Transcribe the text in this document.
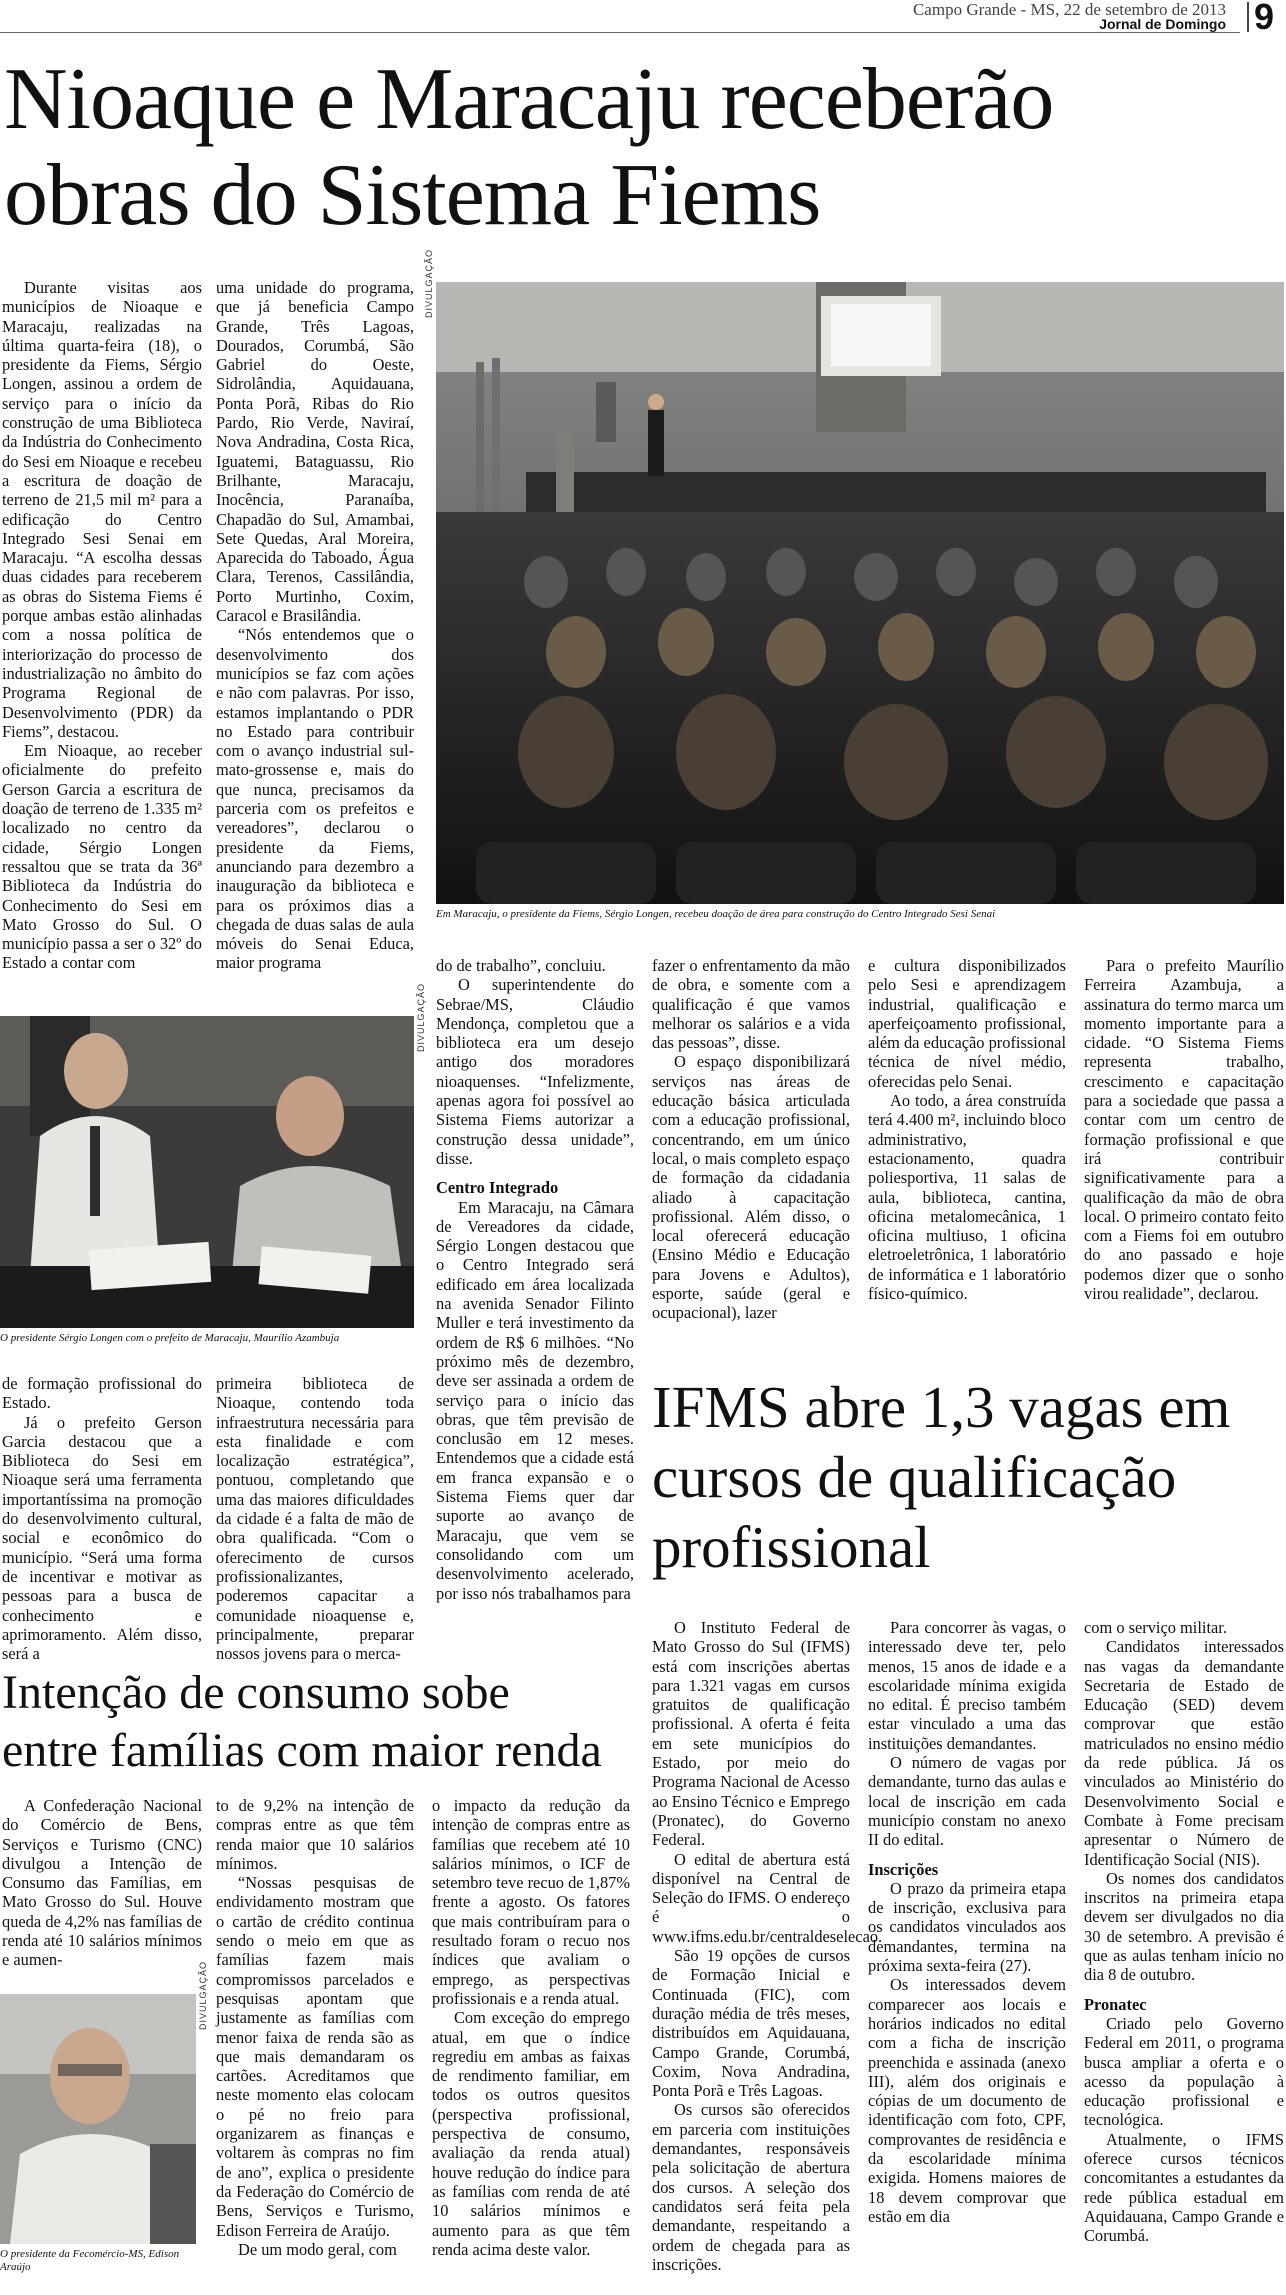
Campo Grande - MS, 22 de setembro de 2013
Jornal de Domingo 9
Nioaque e Maracaju receberão
obras do Sistema Fiems

Durante visitas aos municípios de Nioaque e Maracaju, realizadas na última quarta-feira (18), o presidente da Fiems, Sérgio Longen, assinou a ordem de serviço para o início da construção de uma Biblioteca da Indústria do Conhecimento do Sesi em Nioaque e recebeu a escritura de doação de terreno de 21,5 mil m² para a edificação do Centro Integrado Sesi Senai em Maracaju. “A escolha dessas duas cidades para receberem as obras do Sistema Fiems é porque ambas estão alinhadas com a nossa política de interiorização do processo de industrialização no âmbito do Programa Regional de Desenvolvimento (PDR) da Fiems”, destacou.

Em Nioaque, ao receber oficialmente do prefeito Gerson Garcia a escritura de doação de terreno de 1.335 m² localizado no centro da cidade, Sérgio Longen ressaltou que se trata da 36ª Biblioteca da Indústria do Conhecimento do Sesi em Mato Grosso do Sul. O município passa a ser o 32º do Estado a contar com

uma unidade do programa, que já beneficia Campo Grande, Três Lagoas, Dourados, Corumbá, São Gabriel do Oeste, Sidrolândia, Aquidauana, Ponta Porã, Ribas do Rio Pardo, Rio Verde, Naviraí, Nova Andradina, Costa Rica, Iguatemi, Bataguassu, Rio Brilhante, Maracaju, Inocência, Paranaíba, Chapadão do Sul, Amambai, Sete Quedas, Aral Moreira, Aparecida do Taboado, Água Clara, Terenos, Cassilândia, Porto Murtinho, Coxim, Caracol e Brasilândia.

“Nós entendemos que o desenvolvimento dos municípios se faz com ações e não com palavras. Por isso, estamos implantando o PDR no Estado para contribuir com o avanço industrial sul-mato-grossense e, mais do que nunca, precisamos da parceria com os prefeitos e vereadores”, declarou o presidente da Fiems, anunciando para dezembro a inauguração da biblioteca e para os próximos dias a chegada de duas salas de aula móveis do Senai Educa, maior programa

DIVULGAÇÃO
Em Maracaju, o presidente da Fiems, Sérgio Longen, recebeu doação de área para construção do Centro Integrado Sesi Senai
DIVULGAÇÃO
O presidente Sérgio Longen com o prefeito de Maracaju, Maurílio Azambuja

de formação profissional do Estado.

Já o prefeito Gerson Garcia destacou que a Biblioteca do Sesi em Nioaque será uma ferramenta importantíssima na promoção do desenvolvimento cultural, social e econômico do município. “Será uma forma de incentivar e motivar as pessoas para a busca de conhecimento e aprimoramento. Além disso, será a

primeira biblioteca de Nioaque, contendo toda infraestrutura necessária para esta finalidade e com localização estratégica”, pontuou, completando que uma das maiores dificuldades da cidade é a falta de mão de obra qualificada. “Com o oferecimento de cursos profissionalizantes, poderemos capacitar a comunidade nioaquense e, principalmente, preparar nossos jovens para o merca-

do de trabalho”, concluiu.

O superintendente do Sebrae/MS, Cláudio Mendonça, completou que a biblioteca era um desejo antigo dos moradores nioaquenses. “Infelizmente, apenas agora foi possível ao Sistema Fiems autorizar a construção dessa unidade”, disse.

Centro Integrado

Em Maracaju, na Câmara de Vereadores da cidade, Sérgio Longen destacou que o Centro Integrado será edificado em área localizada na avenida Senador Filinto Muller e terá investimento da ordem de R$ 6 milhões. “No próximo mês de dezembro, deve ser assinada a ordem de serviço para o início das obras, que têm previsão de conclusão em 12 meses. Entendemos que a cidade está em franca expansão e o Sistema Fiems quer dar suporte ao avanço de Maracaju, que vem se consolidando com um desenvolvimento acelerado, por isso nós trabalhamos para

fazer o enfrentamento da mão de obra, e somente com a qualificação é que vamos melhorar os salários e a vida das pessoas”, disse.

O espaço disponibilizará serviços nas áreas de educação básica articulada com a educação profissional, concentrando, em um único local, o mais completo espaço de formação da cidadania aliado à capacitação profissional. Além disso, o local oferecerá educação (Ensino Médio e Educação para Jovens e Adultos), esporte, saúde (geral e ocupacional), lazer

e cultura disponibilizados pelo Sesi e aprendizagem industrial, qualificação e aperfeiçoamento profissional, além da educação profissional técnica de nível médio, oferecidas pelo Senai.

Ao todo, a área construída terá 4.400 m², incluindo bloco administrativo, estacionamento, quadra poliesportiva, 11 salas de aula, biblioteca, cantina, oficina metalomecânica, 1 oficina multiuso, 1 oficina eletroeletrônica, 1 laboratório de informática e 1 laboratório físico-químico.

Para o prefeito Maurílio Ferreira Azambuja, a assinatura do termo marca um momento importante para a cidade. “O Sistema Fiems representa trabalho, crescimento e capacitação para a sociedade que passa a contar com um centro de formação profissional e que irá contribuir significativamente para a qualificação da mão de obra local. O primeiro contato feito com a Fiems foi em outubro do ano passado e hoje podemos dizer que o sonho virou realidade”, declarou.

Intenção de consumo sobe
entre famílias com maior renda

A Confederação Nacional do Comércio de Bens, Serviços e Turismo (CNC) divulgou a Intenção de Consumo das Famílias, em Mato Grosso do Sul. Houve queda de 4,2% nas famílias de renda até 10 salários mínimos e aumen-

DIVULGAÇÃO
O presidente da Fecomércio-MS, Edison Araújo

to de 9,2% na intenção de compras entre as que têm renda maior que 10 salários mínimos.

“Nossas pesquisas de endividamento mostram que o cartão de crédito continua sendo o meio em que as famílias fazem mais compromissos parcelados e pesquisas apontam que justamente as famílias com menor faixa de renda são as que mais demandaram os cartões. Acreditamos que neste momento elas colocam o pé no freio para organizarem as finanças e voltarem às compras no fim de ano”, explica o presidente da Federação do Comércio de Bens, Serviços e Turismo, Edison Ferreira de Araújo.

De um modo geral, com

o impacto da redução da intenção de compras entre as famílias que recebem até 10 salários mínimos, o ICF de setembro teve recuo de 1,87% frente a agosto. Os fatores que mais contribuíram para o resultado foram o recuo nos índices que avaliam o emprego, as perspectivas profissionais e a renda atual.

Com exceção do emprego atual, em que o índice regrediu em ambas as faixas de rendimento familiar, em todos os outros quesitos (perspectiva profissional, perspectiva de consumo, avaliação da renda atual) houve redução do índice para as famílias com renda de até 10 salários mínimos e aumento para as que têm renda acima deste valor.

IFMS abre 1,3 vagas em
cursos de qualificação
profissional

O Instituto Federal de Mato Grosso do Sul (IFMS) está com inscrições abertas para 1.321 vagas em cursos gratuitos de qualificação profissional. A oferta é feita em sete municípios do Estado, por meio do Programa Nacional de Acesso ao Ensino Técnico e Emprego (Pronatec), do Governo Federal.

O edital de abertura está disponível na Central de Seleção do IFMS. O endereço é o www.ifms.edu.br/centraldeselecao.

São 19 opções de cursos de Formação Inicial e Continuada (FIC), com duração média de três meses, distribuídos em Aquidauana, Campo Grande, Corumbá, Coxim, Nova Andradina, Ponta Porã e Três Lagoas.

Os cursos são oferecidos em parceria com instituições demandantes, responsáveis pela solicitação de abertura dos cursos. A seleção dos candidatos será feita pela demandante, respeitando a ordem de chegada para as inscrições.

Para concorrer às vagas, o interessado deve ter, pelo menos, 15 anos de idade e a escolaridade mínima exigida no edital. É preciso também estar vinculado a uma das instituições demandantes.

O número de vagas por demandante, turno das aulas e local de inscrição em cada município constam no anexo II do edital.

Inscrições

O prazo da primeira etapa de inscrição, exclusiva para os candidatos vinculados aos demandantes, termina na próxima sexta-feira (27).

Os interessados devem comparecer aos locais e horários indicados no edital com a ficha de inscrição preenchida e assinada (anexo III), além dos originais e cópias de um documento de identificação com foto, CPF, comprovantes de residência e da escolaridade mínima exigida. Homens maiores de 18 devem comprovar que estão em dia

com o serviço militar.

Candidatos interessados nas vagas da demandante Secretaria de Estado de Educação (SED) devem comprovar que estão matriculados no ensino médio da rede pública. Já os vinculados ao Ministério do Desenvolvimento Social e Combate à Fome precisam apresentar o Número de Identificação Social (NIS).

Os nomes dos candidatos inscritos na primeira etapa devem ser divulgados no dia 30 de setembro. A previsão é que as aulas tenham início no dia 8 de outubro.

Pronatec

Criado pelo Governo Federal em 2011, o programa busca ampliar a oferta e o acesso da população à educação profissional e tecnológica.

Atualmente, o IFMS oferece cursos técnicos concomitantes a estudantes da rede pública estadual em Aquidauana, Campo Grande e Corumbá.
